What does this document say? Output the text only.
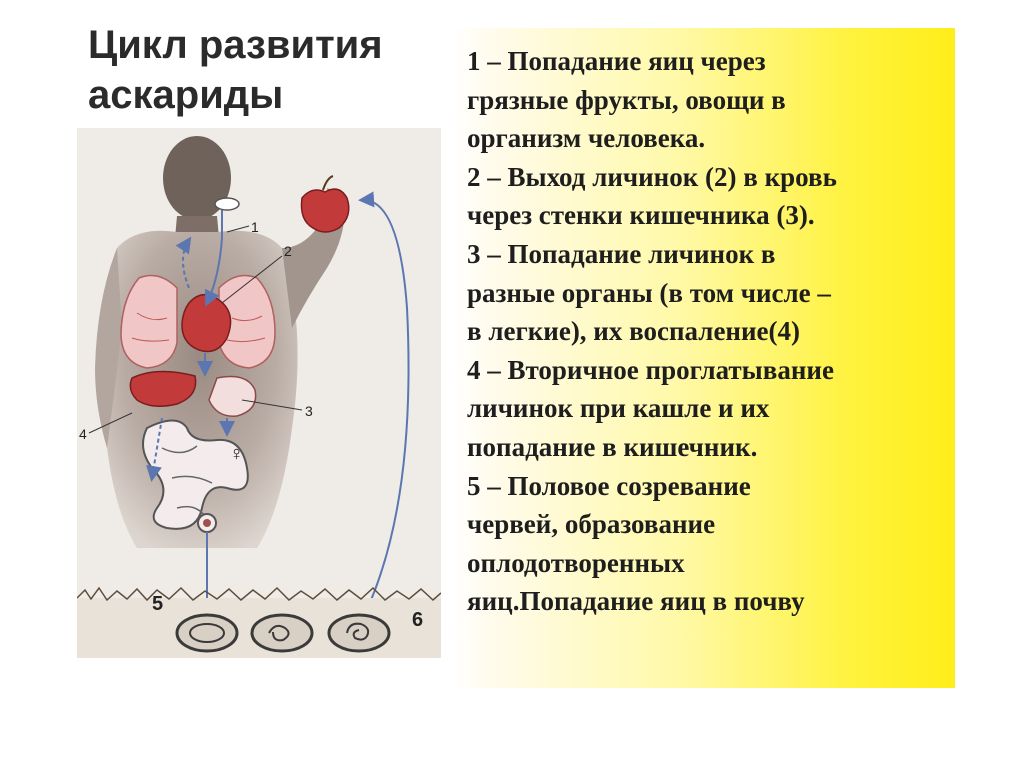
Цикл развития
аскариды
1
2
3
4
5
6
♀
1 – Попадание яиц через
грязные фрукты, овощи в
организм человека.
2 – Выход личинок (2) в кровь
через стенки кишечника (3).
3 – Попадание личинок в
разные органы (в том числе –
в легкие), их воспаление(4)
4 – Вторичное проглатывание
личинок при кашле и их
попадание в кишечник.
5 – Половое созревание
червей, образование
оплодотворенных
яиц.Попадание яиц в почву
